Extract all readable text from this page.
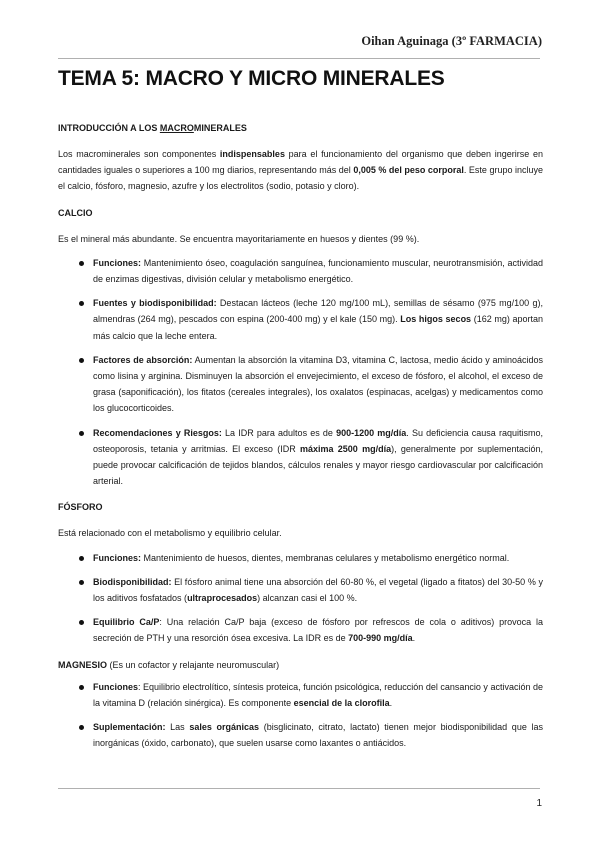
Oihan Aguinaga (3º FARMACIA)
TEMA 5: MACRO Y MICRO MINERALES
INTRODUCCIÓN A LOS MACROMINERALES

Los macrominerales son componentes indispensables para el funcionamiento del organismo que deben ingerirse en cantidades iguales o superiores a 100 mg diarios, representando más del 0,005 % del peso corporal. Este grupo incluye el calcio, fósforo, magnesio, azufre y los electrolitos (sodio, potasio y cloro).

CALCIO

Es el mineral más abundante. Se encuentra mayoritariamente en huesos y dientes (99 %).

Funciones: Mantenimiento óseo, coagulación sanguínea, funcionamiento muscular, neurotransmisión, actividad de enzimas digestivas, división celular y metabolismo energético.
Fuentes y biodisponibilidad: Destacan lácteos (leche 120 mg/100 mL), semillas de sésamo (975 mg/100 g), almendras (264 mg), pescados con espina (200-400 mg) y el kale (150 mg). Los higos secos (162 mg) aportan más calcio que la leche entera.
Factores de absorción: Aumentan la absorción la vitamina D3, vitamina C, lactosa, medio ácido y aminoácidos como lisina y arginina. Disminuyen la absorción el envejecimiento, el exceso de fósforo, el alcohol, el exceso de grasa (saponificación), los fitatos (cereales integrales), los oxalatos (espinacas, acelgas) y medicamentos como los glucocorticoides.
Recomendaciones y Riesgos: La IDR para adultos es de 900-1200 mg/día. Su deficiencia causa raquitismo, osteoporosis, tetania y arritmias. El exceso (IDR máxima 2500 mg/día), generalmente por suplementación, puede provocar calcificación de tejidos blandos, cálculos renales y mayor riesgo cardiovascular por calcificación arterial.
FÓSFORO

Está relacionado con el metabolismo y equilibrio celular.

Funciones: Mantenimiento de huesos, dientes, membranas celulares y metabolismo energético normal.
Biodisponibilidad: El fósforo animal tiene una absorción del 60-80 %, el vegetal (ligado a fitatos) del 30-50 % y los aditivos fosfatados (ultraprocesados) alcanzan casi el 100 %.
Equilibrio Ca/P: Una relación Ca/P baja (exceso de fósforo por refrescos de cola o aditivos) provoca la secreción de PTH y una resorción ósea excesiva. La IDR es de 700-990 mg/día.
MAGNESIO (Es un cofactor y relajante neuromuscular)
Funciones: Equilibrio electrolítico, síntesis proteica, función psicológica, reducción del cansancio y activación de la vitamina D (relación sinérgica). Es componente esencial de la clorofila.
Suplementación: Las sales orgánicas (bisglicinato, citrato, lactato) tienen mejor biodisponibilidad que las inorgánicas (óxido, carbonato), que suelen usarse como laxantes o antiácidos.
1
